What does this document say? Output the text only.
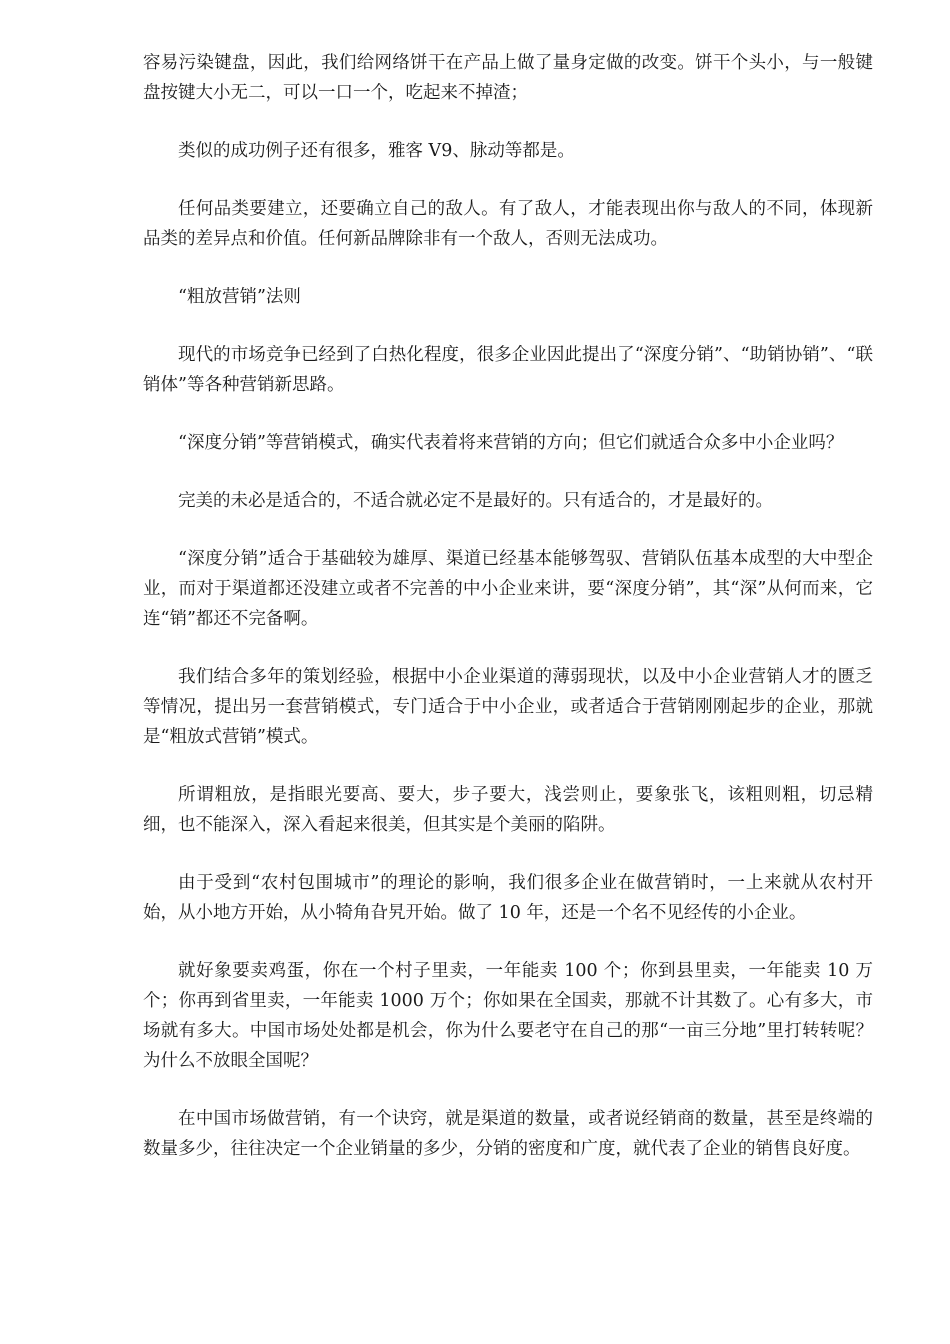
容易污染键盘，因此，我们给网络饼干在产品上做了量身定做的改变。饼干个头小，与一般键盘按键大小无二，可以一口一个，吃起来不掉渣；

类似的成功例子还有很多，雅客 V9、脉动等都是。

任何品类要建立，还要确立自己的敌人。有了敌人，才能表现出你与敌人的不同，体现新品类的差异点和价值。任何新品牌除非有一个敌人，否则无法成功。

“粗放营销”法则

现代的市场竞争已经到了白热化程度，很多企业因此提出了“深度分销”、“助销协销”、“联销体”等各种营销新思路。

“深度分销”等营销模式，确实代表着将来营销的方向；但它们就适合众多中小企业吗？

完美的未必是适合的，不适合就必定不是最好的。只有适合的，才是最好的。

“深度分销”适合于基础较为雄厚、渠道已经基本能够驾驭、营销队伍基本成型的大中型企业，而对于渠道都还没建立或者不完善的中小企业来讲，要“深度分销”，其“深”从何而来，它连“销”都还不完备啊。

我们结合多年的策划经验，根据中小企业渠道的薄弱现状，以及中小企业营销人才的匮乏等情况，提出另一套营销模式，专门适合于中小企业，或者适合于营销刚刚起步的企业，那就是“粗放式营销”模式。

所谓粗放，是指眼光要高、要大，步子要大，浅尝则止，要象张飞，该粗则粗，切忌精细，也不能深入，深入看起来很美，但其实是个美丽的陷阱。

由于受到“农村包围城市”的理论的影响，我们很多企业在做营销时，一上来就从农村开始，从小地方开始，从小犄角旮旯开始。做了 10 年，还是一个名不见经传的小企业。

就好象要卖鸡蛋，你在一个村子里卖，一年能卖 100 个；你到县里卖，一年能卖 10 万个；你再到省里卖，一年能卖 1000 万个；你如果在全国卖，那就不计其数了。心有多大，市场就有多大。中国市场处处都是机会，你为什么要老守在自己的那“一亩三分地”里打转转呢？为什么不放眼全国呢？

在中国市场做营销，有一个诀窍，就是渠道的数量，或者说经销商的数量，甚至是终端的数量多少，往往决定一个企业销量的多少，分销的密度和广度，就代表了企业的销售良好度。
